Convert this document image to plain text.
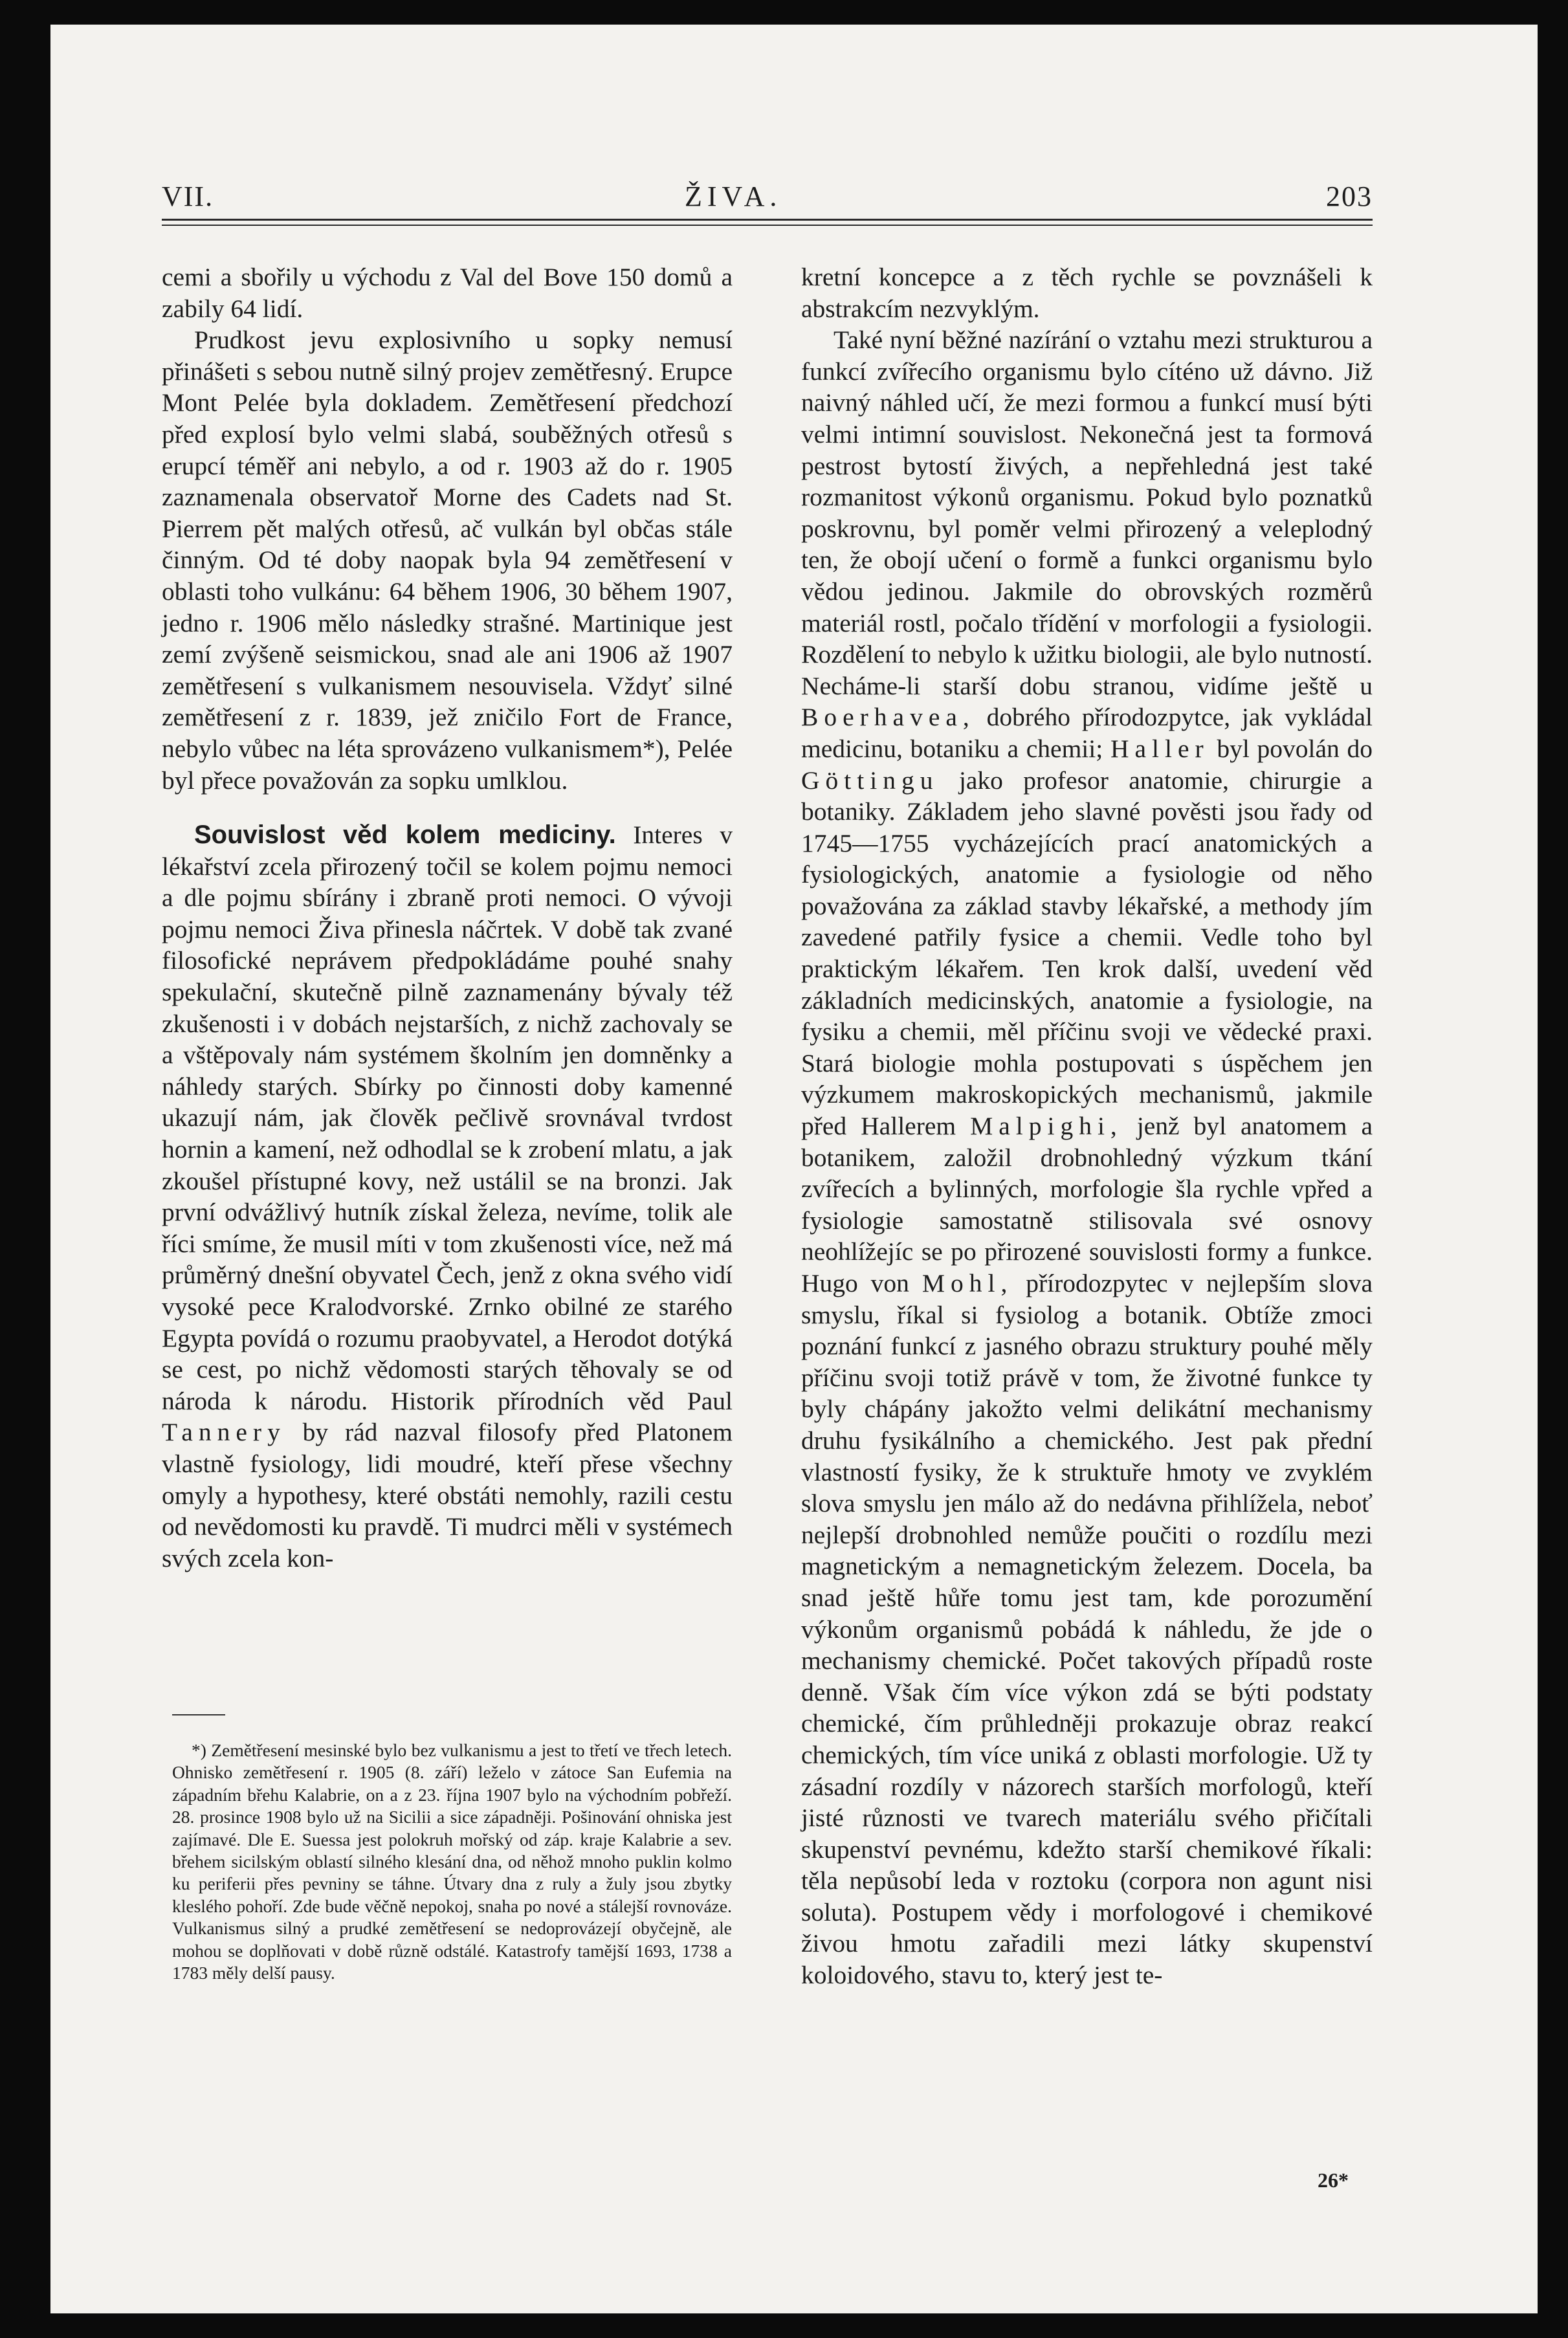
VII.	ŽIVA.	203

cemi a sbořily u východu z Val del Bove 150 domů a zabily 64 lidí.

Prudkost jevu explosivního u sopky nemusí přinášeti s sebou nutně silný projev zemětřesný. Erupce Mont Pelée byla dokladem. Zemětřesení předchozí před explosí bylo velmi slabá, souběžných otřesů s erupcí téměř ani nebylo, a od r. 1903 až do r. 1905 zaznamenala observatoř Morne des Cadets nad St. Pierrem pět malých otřesů, ač vulkán byl občas stále činným. Od té doby naopak byla 94 zemětřesení v oblasti toho vulkánu: 64 během 1906, 30 během 1907, jedno r. 1906 mělo následky strašné. Martinique jest zemí zvýšeně seismickou, snad ale ani 1906 až 1907 zemětřesení s vulkanismem nesouvisela. Vždyť silné zemětřesení z r. 1839, jež zničilo Fort de France, nebylo vůbec na léta sprovázeno vulkanismem*), Pelée byl přece považován za sopku umlklou.

Souvislost věd kolem mediciny. Interes v lékařství zcela přirozený točil se kolem pojmu nemoci a dle pojmu sbírány i zbraně proti nemoci. O vývoji pojmu nemoci Živa přinesla náčrtek. V době tak zvané filosofické neprávem předpokládáme pouhé snahy spekulační, skutečně pilně zaznamenány bývaly též zkušenosti i v dobách nejstarších, z nichž zachovaly se a vštěpovaly nám systémem školním jen domněnky a náhledy starých. Sbírky po činnosti doby kamenné ukazují nám, jak člověk pečlivě srovnával tvrdost hornin a kamení, než odhodlal se k zrobení mlatu, a jak zkoušel přístupné kovy, než ustálil se na bronzi. Jak první odvážlivý hutník získal železa, nevíme, tolik ale říci smíme, že musil míti v tom zkušenosti více, než má průměrný dnešní obyvatel Čech, jenž z okna svého vidí vysoké pece Kralodvorské. Zrnko obilné ze starého Egypta povídá o rozumu praobyvatel, a Herodot dotýká se cest, po nichž vědomosti starých těhovaly se od národa k národu. Historik přírodních věd Paul Tannery by rád nazval filosofy před Platonem vlastně fysiology, lidi moudré, kteří přese všechny omyly a hypothesy, které obstáti nemohly, razili cestu od nevědomosti ku pravdě. Ti mudrci měli v systémech svých zcela kon-

*) Zemětřesení mesinské bylo bez vulkanismu a jest to třetí ve třech letech. Ohnisko zemětřesení r. 1905 (8. září) leželo v zátoce San Eufemia na západním břehu Kalabrie, on a z 23. října 1907 bylo na východním pobřeží. 28. prosince 1908 bylo už na Sicilii a sice západněji. Pošinování ohniska jest zajímavé. Dle E. Suessa jest polokruh mořský od záp. kraje Kalabrie a sev. břehem sicilským oblastí silného klesání dna, od něhož mnoho puklin kolmo ku periferii přes pevniny se táhne. Útvary dna z ruly a žuly jsou zbytky kleslého pohoří. Zde bude věčně nepokoj, snaha po nové a stálejší rovnováze. Vulkanismus silný a prudké zemětřesení se nedoprovázejí obyčejně, ale mohou se doplňovati v době různě odstálé. Katastrofy tamější 1693, 1738 a 1783 měly delší pausy.

kretní koncepce a z těch rychle se povznášeli k abstrakcím nezvyklým.

Také nyní běžné nazírání o vztahu mezi strukturou a funkcí zvířecího organismu bylo cíténo už dávno. Již naivný náhled učí, že mezi formou a funkcí musí býti velmi intimní souvislost. Nekonečná jest ta formová pestrost bytostí živých, a nepřehledná jest také rozmanitost výkonů organismu. Pokud bylo poznatků poskrovnu, byl poměr velmi přirozený a veleplodný ten, že obojí učení o formě a funkci organismu bylo vědou jedinou. Jakmile do obrovských rozměrů materiál rostl, počalo třídění v morfologii a fysiologii. Rozdělení to nebylo k užitku biologii, ale bylo nutností. Necháme-li starší dobu stranou, vidíme ještě u Boerhavea, dobrého přírodozpytce, jak vykládal medicinu, botaniku a chemii; Haller byl povolán do Göttingu jako profesor anatomie, chirurgie a botaniky. Základem jeho slavné pověsti jsou řady od 1745—1755 vycházejících prací anatomických a fysiologických, anatomie a fysiologie od něho považována za základ stavby lékařské, a methody jím zavedené patřily fysice a chemii. Vedle toho byl praktickým lékařem. Ten krok další, uvedení věd základních medicinských, anatomie a fysiologie, na fysiku a chemii, měl příčinu svoji ve vědecké praxi. Stará biologie mohla postupovati s úspěchem jen výzkumem makroskopických mechanismů, jakmile před Hallerem Malpighi, jenž byl anatomem a botanikem, založil drobnohledný výzkum tkání zvířecích a bylinných, morfologie šla rychle vpřed a fysiologie samostatně stilisovala své osnovy neohlížejíc se po přirozené souvislosti formy a funkce. Hugo von Mohl, přírodozpytec v nejlepším slova smyslu, říkal si fysiolog a botanik. Obtíže zmoci poznání funkcí z jasného obrazu struktury pouhé měly příčinu svoji totiž právě v tom, že životné funkce ty byly chápány jakožto velmi delikátní mechanismy druhu fysikálního a chemického. Jest pak přední vlastností fysiky, že k struktuře hmoty ve zvyklém slova smyslu jen málo až do nedávna přihlížela, neboť nejlepší drobnohled nemůže poučiti o rozdílu mezi magnetickým a nemagnetickým železem. Docela, ba snad ještě hůře tomu jest tam, kde porozumění výkonům organismů pobádá k náhledu, že jde o mechanismy chemické. Počet takových případů roste denně. Však čím více výkon zdá se býti podstaty chemické, čím průhledněji prokazuje obraz reakcí chemických, tím více uniká z oblasti morfologie. Už ty zásadní rozdíly v názorech starších morfologů, kteří jisté různosti ve tvarech materiálu svého přičítali skupenství pevnému, kdežto starší chemikové říkali: těla nepůsobí leda v roztoku (corpora non agunt nisi soluta). Postupem vědy i morfologové i chemikové živou hmotu zařadili mezi látky skupenství koloidového, stavu to, který jest te-

26*
